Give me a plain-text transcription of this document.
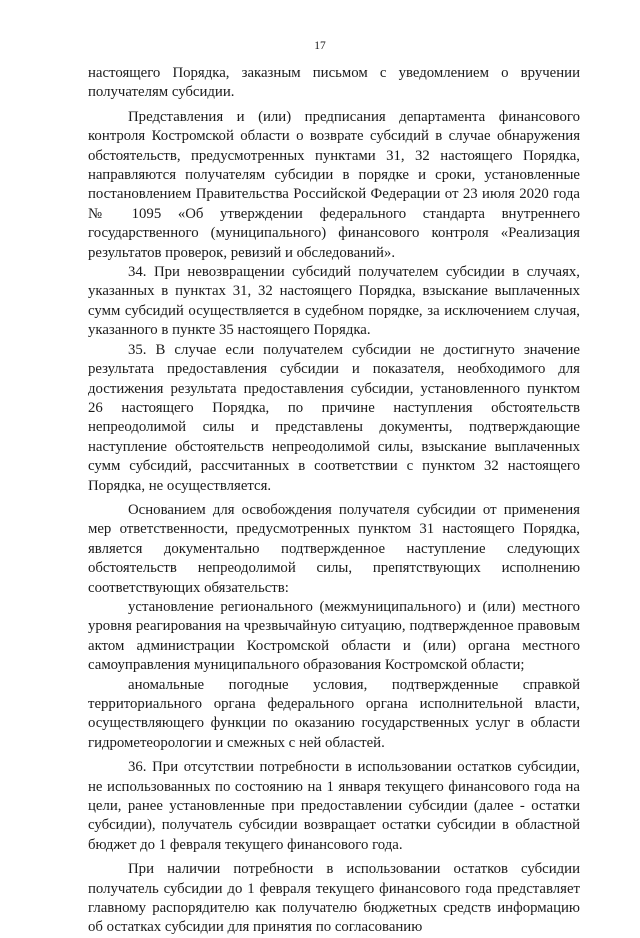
17

настоящего Порядка, заказным письмом с уведомлением о вручении получателям субсидии.

Представления и (или) предписания департамента финансового контроля Костромской области о возврате субсидий в случае обнаружения обстоятельств, предусмотренных пунктами 31, 32 настоящего Порядка, направляются получателям субсидии в порядке и сроки, установленные постановлением Правительства Российской Федерации от 23 июля 2020 года № 1095 «Об утверждении федерального стандарта внутреннего государственного (муниципального) финансового контроля «Реализация результатов проверок, ревизий и обследований».

34. При невозвращении субсидий получателем субсидии в случаях, указанных в пунктах 31, 32 настоящего Порядка, взыскание выплаченных сумм субсидий осуществляется в судебном порядке, за исключением случая, указанного в пункте 35 настоящего Порядка.

35. В случае если получателем субсидии не достигнуто значение результата предоставления субсидии и показателя, необходимого для достижения результата предоставления субсидии, установленного пунктом 26 настоящего Порядка, по причине наступления обстоятельств непреодолимой силы и представлены документы, подтверждающие наступление обстоятельств непреодолимой силы, взыскание выплаченных сумм субсидий, рассчитанных в соответствии с пунктом 32 настоящего Порядка, не осуществляется.

Основанием для освобождения получателя субсидии от применения мер ответственности, предусмотренных пунктом 31 настоящего Порядка, является документально подтвержденное наступление следующих обстоятельств непреодолимой силы, препятствующих исполнению соответствующих обязательств:

установление регионального (межмуниципального) и (или) местного уровня реагирования на чрезвычайную ситуацию, подтвержденное правовым актом администрации Костромской области и (или) органа местного самоуправления муниципального образования Костромской области;

аномальные погодные условия, подтвержденные справкой территориального органа федерального органа исполнительной власти, осуществляющего функции по оказанию государственных услуг в области гидрометеорологии и смежных с ней областей.

36. При отсутствии потребности в использовании остатков субсидии, не использованных по состоянию на 1 января текущего финансового года на цели, ранее установленные при предоставлении субсидии (далее - остатки субсидии), получатель субсидии возвращает остатки субсидии в областной бюджет до 1 февраля текущего финансового года.

При наличии потребности в использовании остатков субсидии получатель субсидии до 1 февраля текущего финансового года представляет главному распорядителю как получателю бюджетных средств информацию об остатках субсидии для принятия по согласованию
